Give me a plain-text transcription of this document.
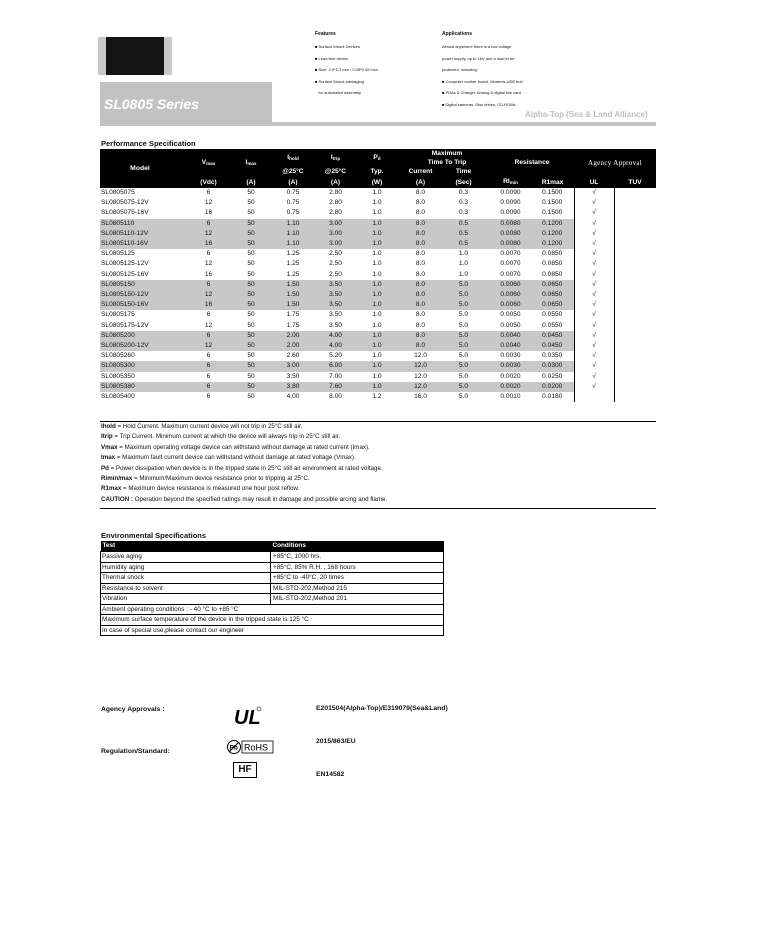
SL0805 Series
Alpha-Top (Sea & Land Alliance)
Features
■ Surface Mount Devices
■ Lead free device
■ Size: 2.0*1.2 mm / 0.08*0.05 inch
■ Surface Mount packaging
for automated assembly
Applications
Almost anywhere there is a low voltage
power supply, up to 16V and a load to be
protected, including:
■ Computer mother board, Modems,USB hub
■ PDAs & Charger, Analog & digital line card
■ Digital cameras, Disc drives, CD-ROMs,
Performance Specification
Model	$V_{max}$	$I_{max}$	$I_{hold}$	$I_{trip}$	$P_d$	Maximum
Time To Trip		Resistance		Agency Approval	
			@25°C	@25°C	Typ.	Current	Time				
	(Vdc)	(A)	(A)	(A)	(W)	(A)	(Sec)	$RI_{min}$	R1max	UL	TUV
SL0805075	6	50	0.75	2.80	1.0	8.0	0.3	0.0090	0.1500	√	
SL0805075-12V	12	50	0.75	2.80	1.0	8.0	0.3	0.0090	0.1500	√	
SL0805075-16V	16	50	0.75	2.80	1.0	8.0	0.3	0.0090	0.1500	√	
SL0805110	6	50	1.10	3.00	1.0	8.0	0.5	0.0080	0.1200	√	
SL0805110-12V	12	50	1.10	3.00	1.0	8.0	0.5	0.0080	0.1200	√	
SL0805110-16V	16	50	1.10	3.00	1.0	8.0	0.5	0.0080	0.1200	√	
SL0805125	6	50	1.25	2.50	1.0	8.0	1.0	0.0070	0.0850	√	
SL0805125-12V	12	50	1.25	2.50	1.0	8.0	1.0	0.0070	0.0850	√	
SL0805125-16V	16	50	1.25	2.50	1.0	8.0	1.0	0.0070	0.0850	√	
SL0805150	6	50	1.50	3.50	1.0	8.0	5.0	0.0060	0.0650	√	
SL0805150-12V	12	50	1.50	3.50	1.0	8.0	5.0	0.0060	0.0650	√	
SL0805150-16V	16	50	1.50	3.50	1.0	8.0	5.0	0.0060	0.0650	√	
SL0805175	6	50	1.75	3.50	1.0	8.0	5.0	0.0050	0.0550	√	
SL0805175-12V	12	50	1.75	3.50	1.0	8.0	5.0	0.0050	0.0550	√	
SL0805200	6	50	2.00	4.00	1.0	8.0	5.0	0.0040	0.0450	√	
SL0805200-12V	12	50	2.00	4.00	1.0	8.0	5.0	0.0040	0.0450	√	
SL0805260	6	50	2.60	5.20	1.0	12.0	5.0	0.0030	0.0350	√	
SL0805300	6	50	3.00	6.00	1.0	12.0	5.0	0.0030	0.0300	√	
SL0805350	6	50	3.50	7.00	1.0	12.0	5.0	0.0020	0.0250	√	
SL0805380	6	50	3.80	7.60	1.0	12.0	5.0	0.0020	0.0200	√	
SL0805400	6	50	4.00	8.00	1.2	16.0	5.0	0.0010	0.0180		
Ihold = Hold Current. Maximum current device will not trip in 25°C still air.
Itrip = Trip Current. Minimum current at which the device will always trip in 25°C still air.
Vmax = Maximum operating voltage device can withstand without damage at rated current (Imax).
Imax = Maximum fault current device can withstand without damage at rated voltage (Vmax).
Pd = Power dissipation when device is in the tripped state in 25°C still air environment at rated voltage.
Rimin/max = Minimum/Maximum device resistance prior to tripping at 25°C.
R1max = Maximum device resistance is measured one hour post reflow.
CAUTION : Operation beyond the specified ratings may result in damage and possible arcing and flame.
Environmental Specifications
Test	Conditions
Passive aging	+85°C, 1000 hrs.
Humidity aging	+85°C, 85% R.H. , 168 hours
Thermal shock	+85°C to -40°C, 20 times
Resistance to solvent	MIL-STD-202,Method 215
Vibration	MIL-STD-202,Method 201
Ambient operating conditions : - 40 °C to +85 °C	
Maximum surface temperature of the device in the tripped state is 125 °C	
In case of special use,please contact our engineer	
Agency Approvals :	E201504(Alpha-Top)/E319079(Sea&Land)
Regulation/Standard:
2015/863/EU
EN14582
UL
Pb RoHS
HF
